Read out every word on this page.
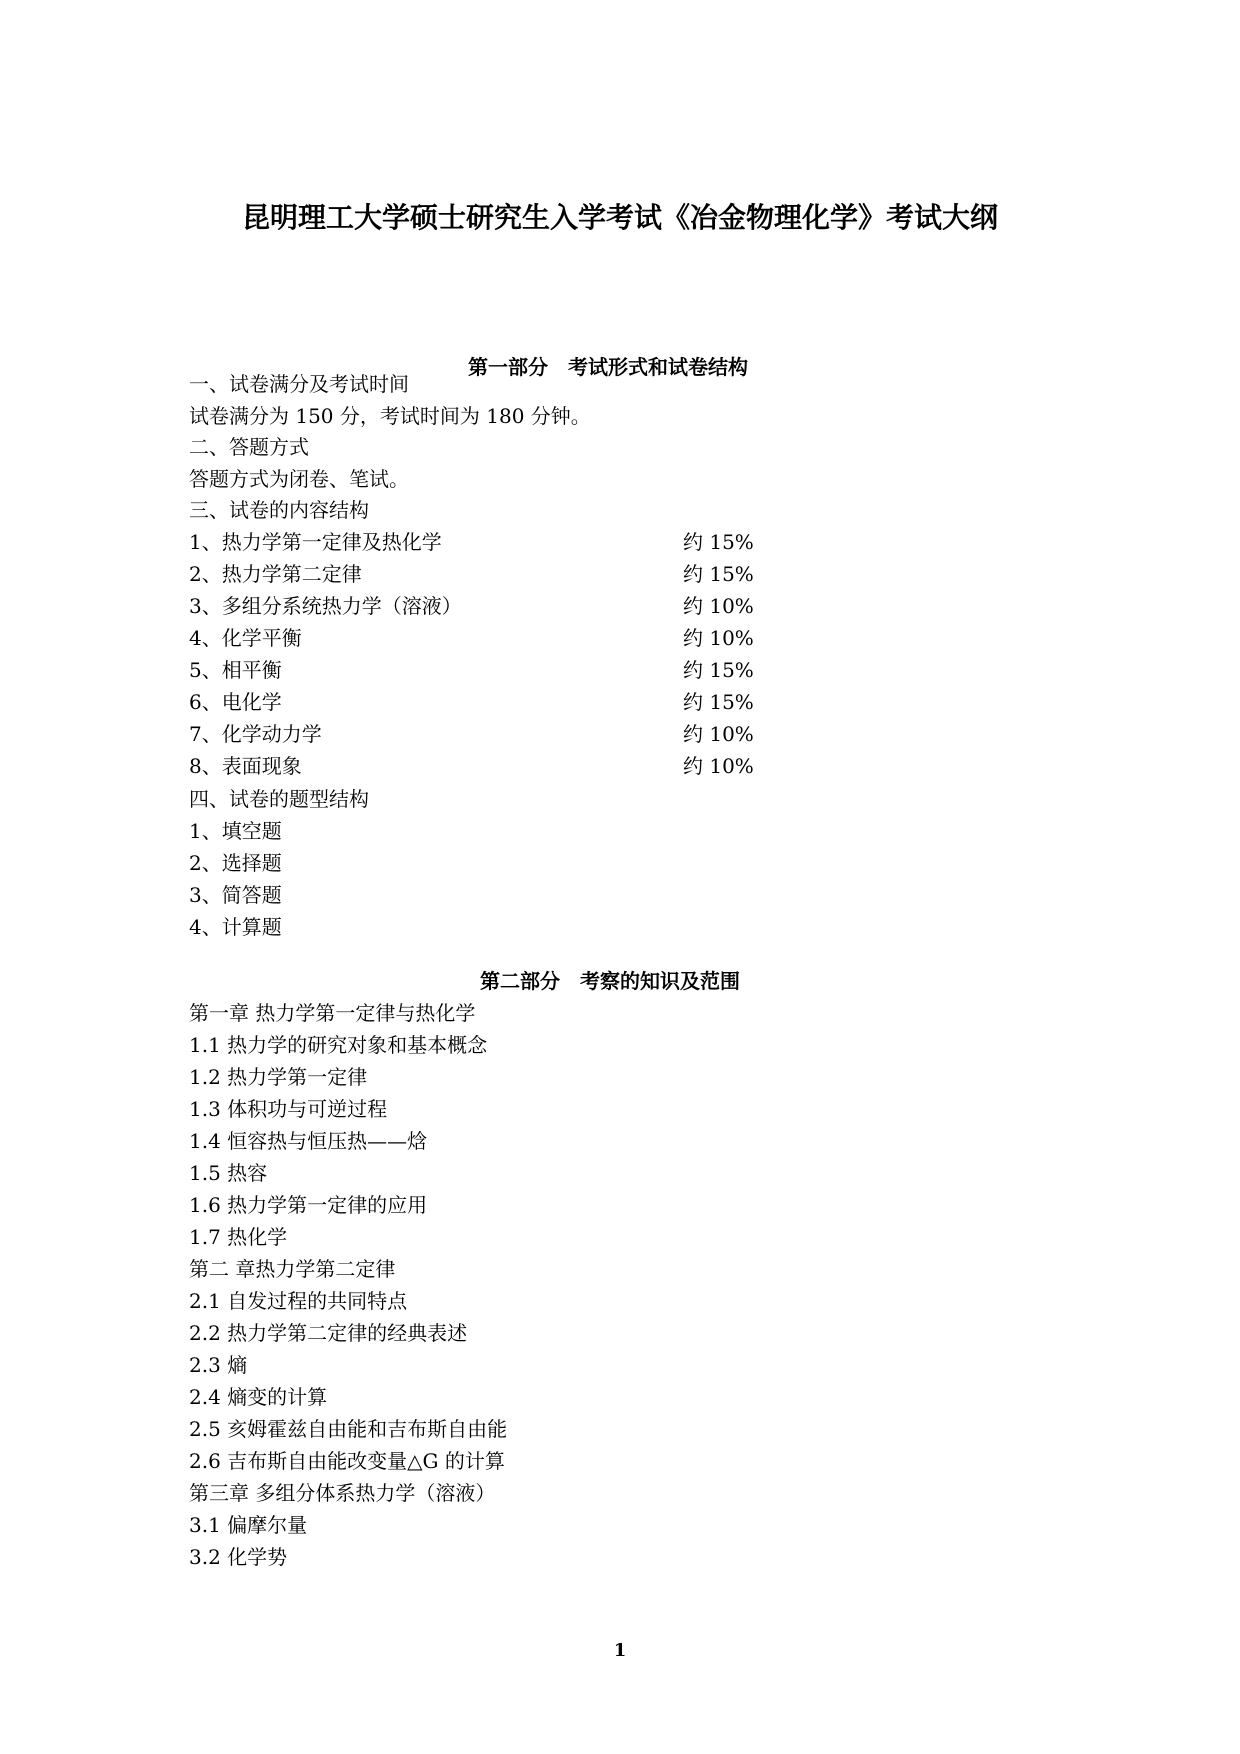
昆明理工大学硕士研究生入学考试《冶金物理化学》考试大纲
第一部分　考试形式和试卷结构
一、试卷满分及考试时间
试卷满分为 150 分，考试时间为 180 分钟。
二、答题方式
答题方式为闭卷、笔试。
三、试卷的内容结构
1、热力学第一定律及热化学	约 15%
2、热力学第二定律	约 15%
3、多组分系统热力学（溶液）	约 10%
4、化学平衡	约 10%
5、相平衡	约 15%
6、电化学	约 15%
7、化学动力学	约 10%
8、表面现象	约 10%
四、试卷的题型结构
1、填空题
2、选择题
3、简答题
4、计算题
第二部分　考察的知识及范围
第一章 热力学第一定律与热化学
1.1 热力学的研究对象和基本概念
1.2 热力学第一定律
1.3 体积功与可逆过程
1.4 恒容热与恒压热——焓
1.5 热容
1.6 热力学第一定律的应用
1.7 热化学
第二 章热力学第二定律
2.1 自发过程的共同特点
2.2 热力学第二定律的经典表述
2.3 熵
2.4 熵变的计算
2.5 亥姆霍兹自由能和吉布斯自由能
2.6 吉布斯自由能改变量△G 的计算
第三章 多组分体系热力学（溶液）
3.1 偏摩尔量
3.2 化学势
1
